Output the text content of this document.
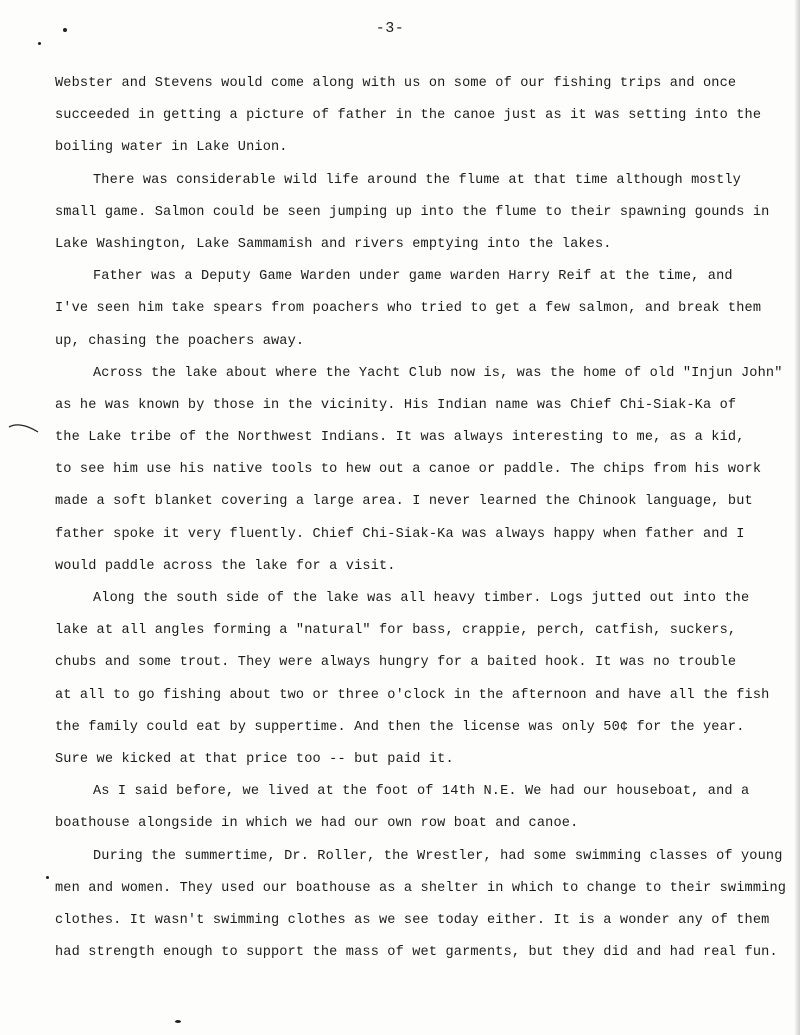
-3-
Webster and Stevens would come along with us on some of our fishing trips and once
succeeded in getting a picture of father in the canoe just as it was setting into the
boiling water in Lake Union.
There was considerable wild life around the flume at that time although mostly
small game. Salmon could be seen jumping up into the flume to their spawning gounds in
Lake Washington, Lake Sammamish and rivers emptying into the lakes.
Father was a Deputy Game Warden under game warden Harry Reif at the time, and
I've seen him take spears from poachers who tried to get a few salmon, and break them
up, chasing the poachers away.
Across the lake about where the Yacht Club now is, was the home of old "Injun John"
as he was known by those in the vicinity. His Indian name was Chief Chi-Siak-Ka of
the Lake tribe of the Northwest Indians. It was always interesting to me, as a kid,
to see him use his native tools to hew out a canoe or paddle. The chips from his work
made a soft blanket covering a large area. I never learned the Chinook language, but
father spoke it very fluently. Chief Chi-Siak-Ka was always happy when father and I
would paddle across the lake for a visit.
Along the south side of the lake was all heavy timber. Logs jutted out into the
lake at all angles forming a "natural" for bass, crappie, perch, catfish, suckers,
chubs and some trout. They were always hungry for a baited hook. It was no trouble
at all to go fishing about two or three o'clock in the afternoon and have all the fish
the family could eat by suppertime. And then the license was only 50¢ for the year.
Sure we kicked at that price too -- but paid it.
As I said before, we lived at the foot of 14th N.E. We had our houseboat, and a
boathouse alongside in which we had our own row boat and canoe.
During the summertime, Dr. Roller, the Wrestler, had some swimming classes of young
men and women. They used our boathouse as a shelter in which to change to their swimming
clothes. It wasn't swimming clothes as we see today either. It is a wonder any of them
had strength enough to support the mass of wet garments, but they did and had real fun.
